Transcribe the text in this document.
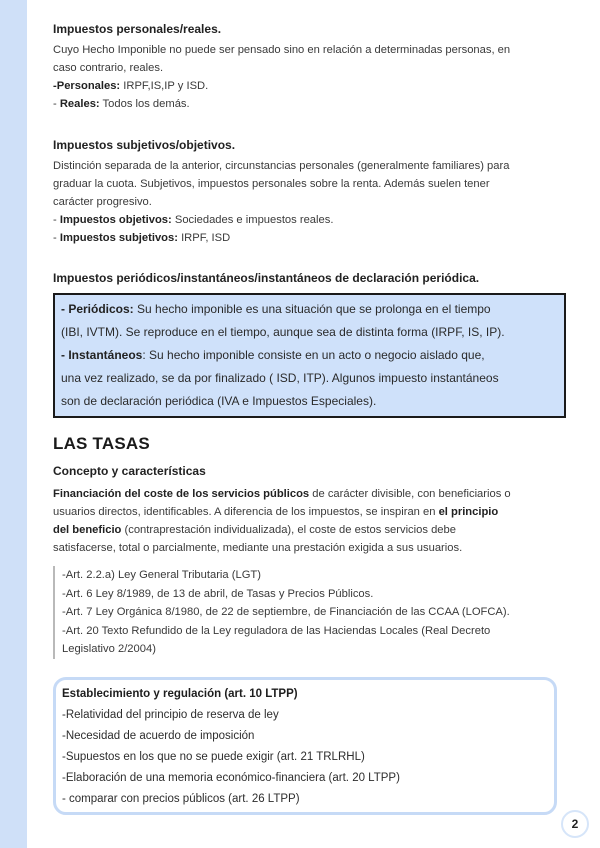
Impuestos personales/reales.
Cuyo Hecho Imponible no puede ser pensado sino en relación a determinadas personas, en
caso contrario, reales.
-Personales: IRPF,IS,IP y ISD.
- Reales: Todos los demás.
Impuestos subjetivos/objetivos.
Distinción separada de la anterior, circunstancias personales (generalmente familiares) para
graduar la cuota. Subjetivos, impuestos personales sobre la renta. Además suelen tener
carácter progresivo.
- Impuestos objetivos: Sociedades e impuestos reales.
- Impuestos subjetivos: IRPF, ISD
Impuestos periódicos/instantáneos/instantáneos de declaración periódica.
- Periódicos: Su hecho imponible es una situación que se prolonga en el tiempo
(IBI, IVTM). Se reproduce en el tiempo, aunque sea de distinta forma (IRPF, IS, IP).
- Instantáneos: Su hecho imponible consiste en un acto o negocio aislado que,
una vez realizado, se da por finalizado ( ISD, ITP). Algunos impuesto instantáneos
son de declaración periódica (IVA e Impuestos Especiales).
LAS TASAS
Concepto y características
Financiación del coste de los servicios públicos de carácter divisible, con beneficiarios o
usuarios directos, identificables. A diferencia de los impuestos, se inspiran en el principio
del beneficio (contraprestación individualizada), el coste de estos servicios debe
satisfacerse, total o parcialmente, mediante una prestación exigida a sus usuarios.
-Art. 2.2.a) Ley General Tributaria (LGT)
-Art. 6 Ley 8/1989, de 13 de abril, de Tasas y Precios Públicos.
-Art. 7 Ley Orgánica 8/1980, de 22 de septiembre, de Financiación de las CCAA (LOFCA).
-Art. 20 Texto Refundido de la Ley reguladora de las Haciendas Locales (Real Decreto
Legislativo 2/2004)
Establecimiento y regulación (art. 10 LTPP)
-Relatividad del principio de reserva de ley
-Necesidad de acuerdo de imposición
-Supuestos en los que no se puede exigir (art. 21 TRLRHL)
-Elaboración de una memoria económico-financiera (art. 20 LTPP)
- comparar con precios públicos (art. 26 LTPP)
2
